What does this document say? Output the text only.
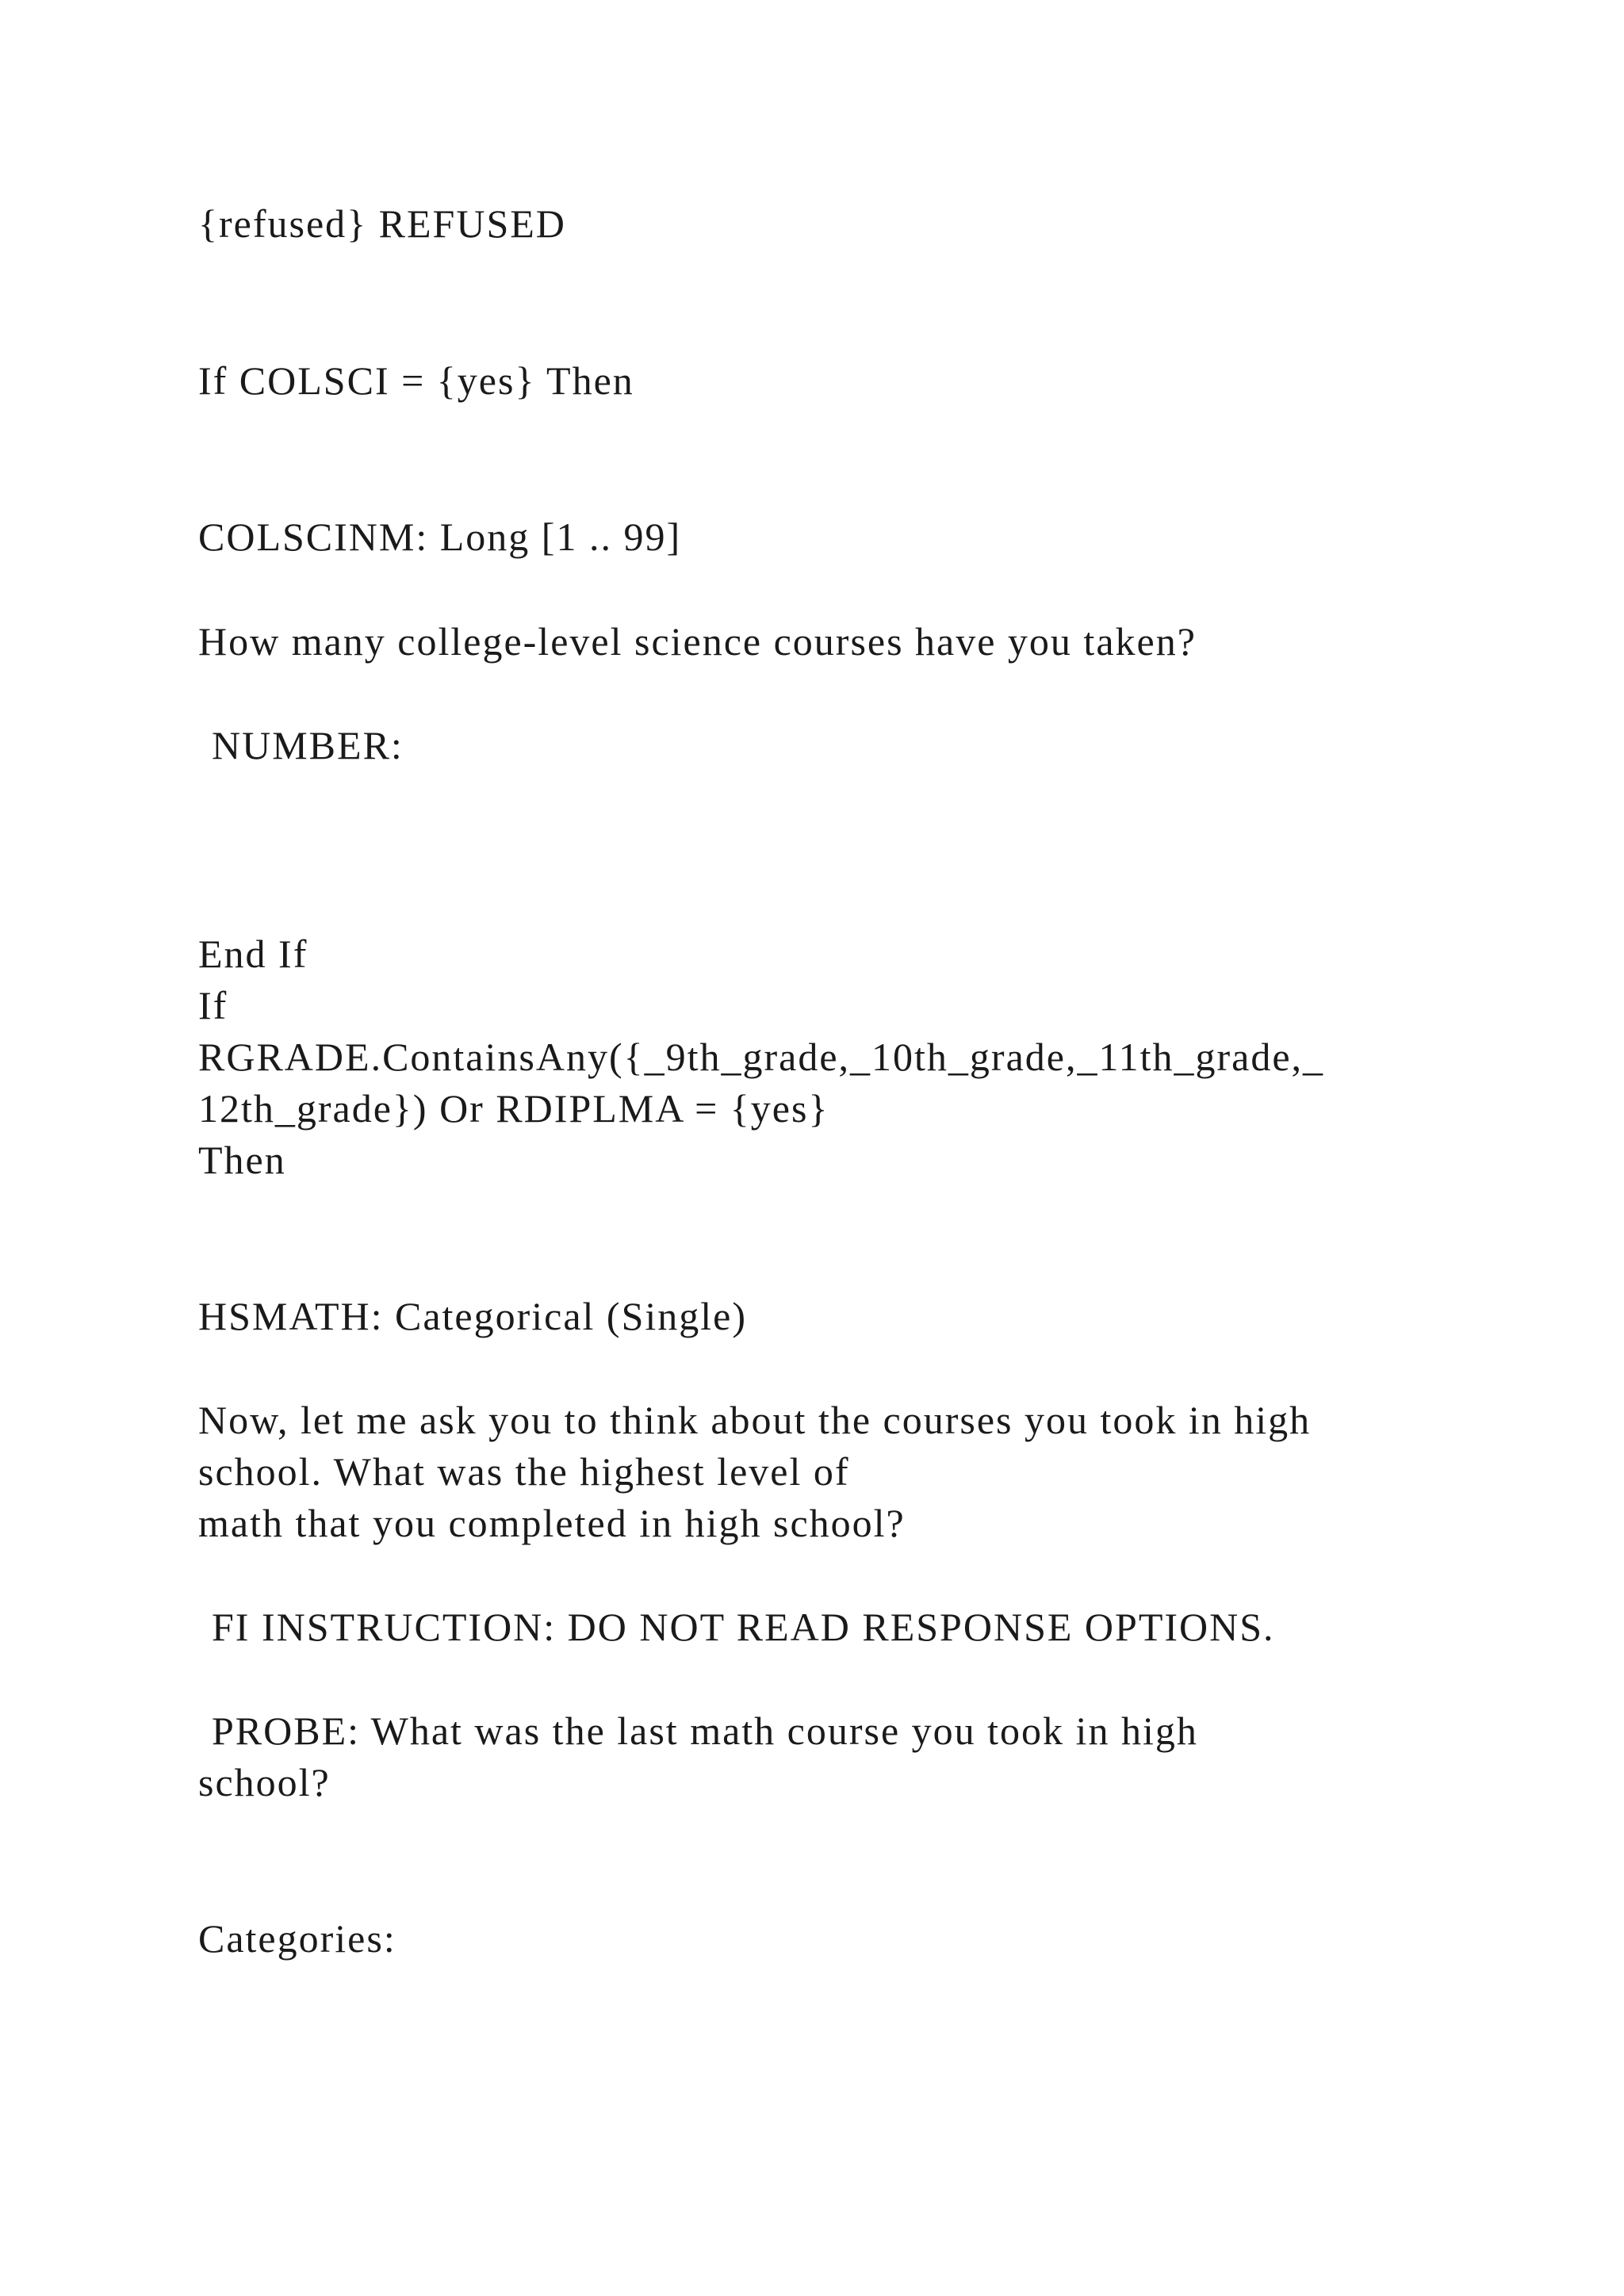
{refused} REFUSED

If COLSCI = {yes} Then

COLSCINM: Long [1 .. 99]

How many college-level science courses have you taken?

NUMBER:

End If

If

RGRADE.ContainsAny({_9th_grade,_10th_grade,_11th_grade,_

12th_grade}) Or RDIPLMA = {yes}

Then

HSMATH: Categorical (Single)

Now, let me ask you to think about the courses you took in high

school. What was the highest level of

math that you completed in high school?

FI INSTRUCTION: DO NOT READ RESPONSE OPTIONS.

PROBE: What was the last math course you took in high

school?

Categories:
